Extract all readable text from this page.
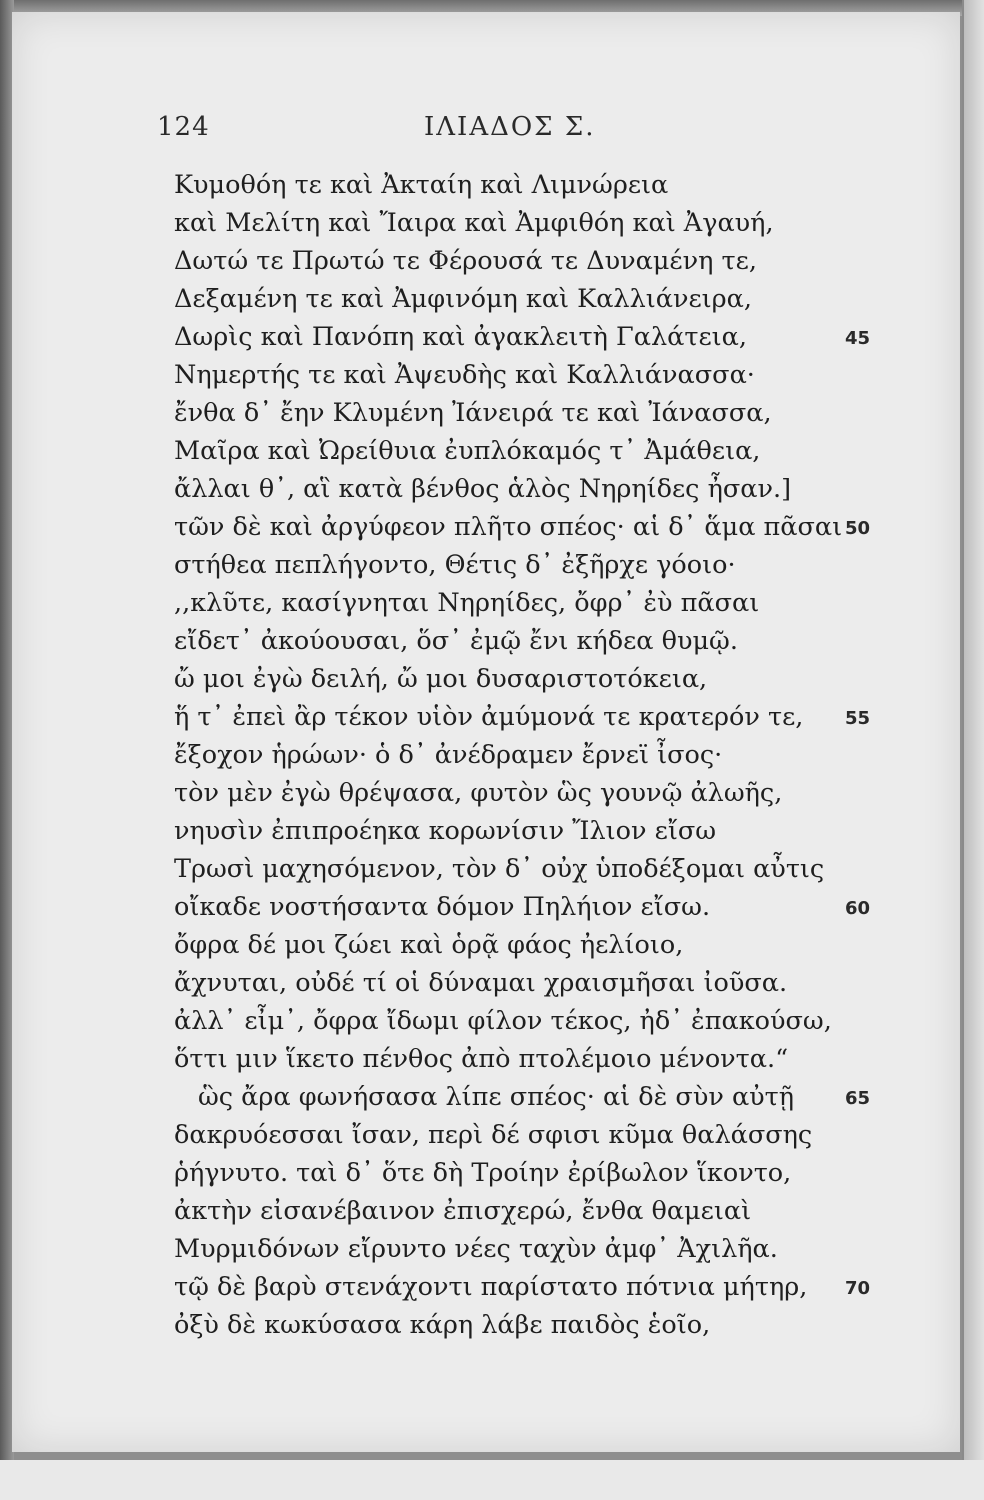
124	ΙΛΙΑΔΟΣ Σ.
Κυμοθόη τε καὶ Ἀκταίη καὶ Λιμνώρεια
καὶ Μελίτη καὶ Ἴαιρα καὶ Ἀμφιθόη καὶ Ἀγαυή,
Δωτώ τε Πρωτώ τε Φέρουσά τε Δυναμένη τε,
Δεξαμένη τε καὶ Ἀμφινόμη καὶ Καλλιάνειρα,
Δωρὶς καὶ Πανόπη καὶ ἀγακλειτὴ Γαλάτεια,
Νημερτής τε καὶ Ἀψευδὴς καὶ Καλλιάνασσα·
ἔνθα δ᾽ ἔην Κλυμένη Ἰάνειρά τε καὶ Ἰάνασσα,
Μαῖρα καὶ Ὠρείθυια ἐυπλόκαμός τ᾽ Ἀμάθεια,
ἄλλαι θ᾽, αἳ κατὰ βένθος ἁλὸς Νηρηίδες ἦσαν.]
τῶν δὲ καὶ ἀργύφεον πλῆτο σπέος· αἱ δ᾽ ἅμα πᾶσαι
στήθεα πεπλήγοντο, Θέτις δ᾽ ἐξῆρχε γόοιο·
,,κλῦτε, κασίγνηται Νηρηίδες, ὄφρ᾽ ἐὺ πᾶσαι
εἴδετ᾽ ἀκούουσαι, ὅσ᾽ ἐμῷ ἔνι κήδεα θυμῷ.
ὤ μοι ἐγὼ δειλή, ὤ μοι δυσαριστοτόκεια,
ἥ τ᾽ ἐπεὶ ἂρ τέκον υἱὸν ἀμύμονά τε κρατερόν τε,
ἔξοχον ἡρώων· ὁ δ᾽ ἀνέδραμεν ἔρνεϊ ἶσος·
τὸν μὲν ἐγὼ θρέψασα, φυτὸν ὣς γουνῷ ἀλωῆς,
νηυσὶν ἐπιπροέηκα κορωνίσιν Ἴλιον εἴσω
Τρωσὶ μαχησόμενον, τὸν δ᾽ οὐχ ὑποδέξομαι αὖτις
οἴκαδε νοστήσαντα δόμον Πηλήιον εἴσω.
ὄφρα δέ μοι ζώει καὶ ὁρᾷ φάος ἠελίοιο,
ἄχνυται, οὐδέ τί οἱ δύναμαι χραισμῆσαι ἰοῦσα.
ἀλλ᾽ εἶμ᾽, ὄφρα ἴδωμι φίλον τέκος, ἠδ᾽ ἐπακούσω,
ὅττι μιν ἵκετο πένθος ἀπὸ πτολέμοιο μένοντα.“
ὣς ἄρα φωνήσασα λίπε σπέος· αἱ δὲ σὺν αὐτῇ
δακρυόεσσαι ἴσαν, περὶ δέ σφισι κῦμα θαλάσσης
ῥήγνυτο. ταὶ δ᾽ ὅτε δὴ Τροίην ἐρίβωλον ἵκοντο,
ἀκτὴν εἰσανέβαινον ἐπισχερώ, ἔνθα θαμειαὶ
Μυρμιδόνων εἴρυντο νέες ταχὺν ἀμφ᾽ Ἀχιλῆα.
τῷ δὲ βαρὺ στενάχοντι παρίστατο πότνια μήτηρ,
ὀξὺ δὲ κωκύσασα κάρη λάβε παιδὸς ἑοῖο,
45
50
55
60
65
70
